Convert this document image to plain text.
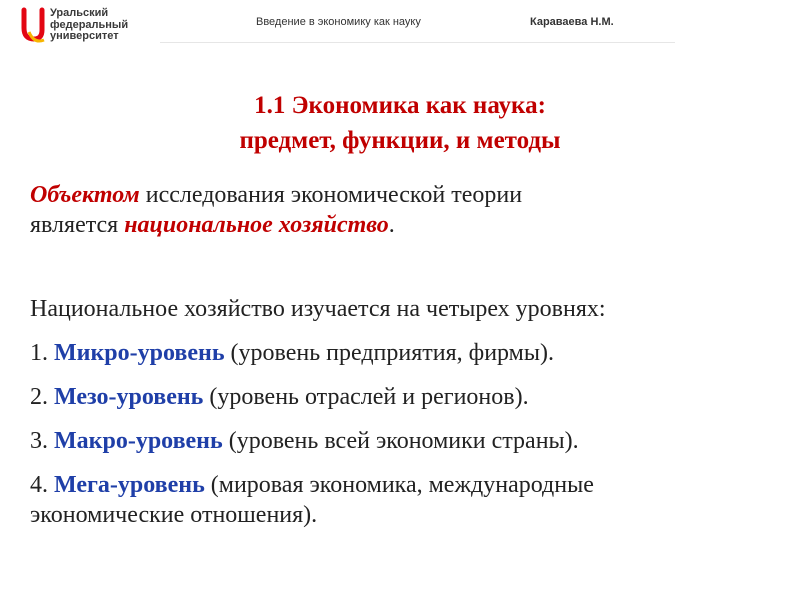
Уральский
федеральный
университет
Введение в экономику как науку	Караваева Н.М.
1.1 Экономика как наука:
предмет, функции, и методы
Объектом исследования экономической теории
является национальное хозяйство.
Национальное хозяйство изучается на четырех уровнях:
1. Микро-уровень (уровень предприятия, фирмы).
2. Мезо-уровень (уровень отраслей и регионов).
3. Макро-уровень (уровень всей экономики страны).
4. Мега-уровень (мировая экономика, международные
экономические отношения).
